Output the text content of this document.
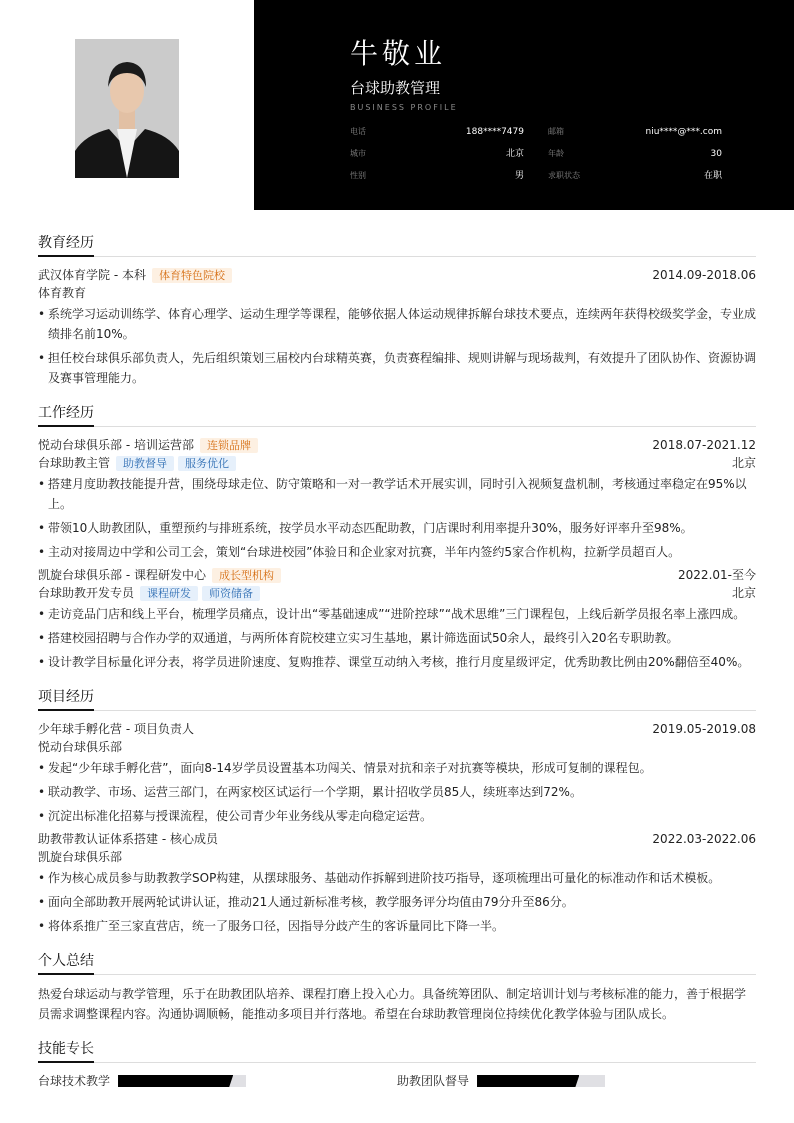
牛敬业
台球助教管理
BUSINESS PROFILE
电话	188****7479	邮箱	niu****@***.com
城市	北京	年龄	30
性别	男	求职状态	在职
教育经历
武汉体育学院 - 本科	体育特色院校	2014.09-2018.06
体育教育
• 系统学习运动训练学、体育心理学、运动生理学等课程，能够依据人体运动规律拆解台球技术要点，连续两年获得校级奖学金，专业成绩排名前10%。
• 担任校台球俱乐部负责人，先后组织策划三届校内台球精英赛，负责赛程编排、规则讲解与现场裁判，有效提升了团队协作、资源协调及赛事管理能力。
工作经历
悦动台球俱乐部 - 培训运营部	连锁品牌	2018.07-2021.12
台球助教主管	助教督导	服务优化	北京
• 搭建月度助教技能提升营，围绕母球走位、防守策略和一对一教学话术开展实训，同时引入视频复盘机制，考核通过率稳定在95%以上。
• 带领10人助教团队，重塑预约与排班系统，按学员水平动态匹配助教，门店课时利用率提升30%，服务好评率升至98%。
• 主动对接周边中学和公司工会，策划“台球进校园”体验日和企业家对抗赛，半年内签约5家合作机构，拉新学员超百人。
凯旋台球俱乐部 - 课程研发中心	成长型机构	2022.01-至今
台球助教开发专员	课程研发	师资储备	北京
• 走访竞品门店和线上平台，梳理学员痛点，设计出“零基础速成”“进阶控球”“战术思维”三门课程包，上线后新学员报名率上涨四成。
• 搭建校园招聘与合作办学的双通道，与两所体育院校建立实习生基地，累计筛选面试50余人，最终引入20名专职助教。
• 设计教学目标量化评分表，将学员进阶速度、复购推荐、课堂互动纳入考核，推行月度星级评定，优秀助教比例由20%翻倍至40%。
项目经历
少年球手孵化营 - 项目负责人	2019.05-2019.08
悦动台球俱乐部
• 发起“少年球手孵化营”，面向8-14岁学员设置基本功闯关、情景对抗和亲子对抗赛等模块，形成可复制的课程包。
• 联动教学、市场、运营三部门，在两家校区试运行一个学期，累计招收学员85人，续班率达到72%。
• 沉淀出标准化招募与授课流程，使公司青少年业务线从零走向稳定运营。
助教带教认证体系搭建 - 核心成员	2022.03-2022.06
凯旋台球俱乐部
• 作为核心成员参与助教教学SOP构建，从摆球服务、基础动作拆解到进阶技巧指导，逐项梳理出可量化的标准动作和话术模板。
• 面向全部助教开展两轮试讲认证，推动21人通过新标准考核，教学服务评分均值由79分升至86分。
• 将体系推广至三家直营店，统一了服务口径，因指导分歧产生的客诉量同比下降一半。
个人总结
热爱台球运动与教学管理，乐于在助教团队培养、课程打磨上投入心力。具备统筹团队、制定培训计划与考核标准的能力，善于根据学员需求调整课程内容。沟通协调顺畅，能推动多项目并行落地。希望在台球助教管理岗位持续优化教学体验与团队成长。
技能专长
台球技术教学	助教团队督导
